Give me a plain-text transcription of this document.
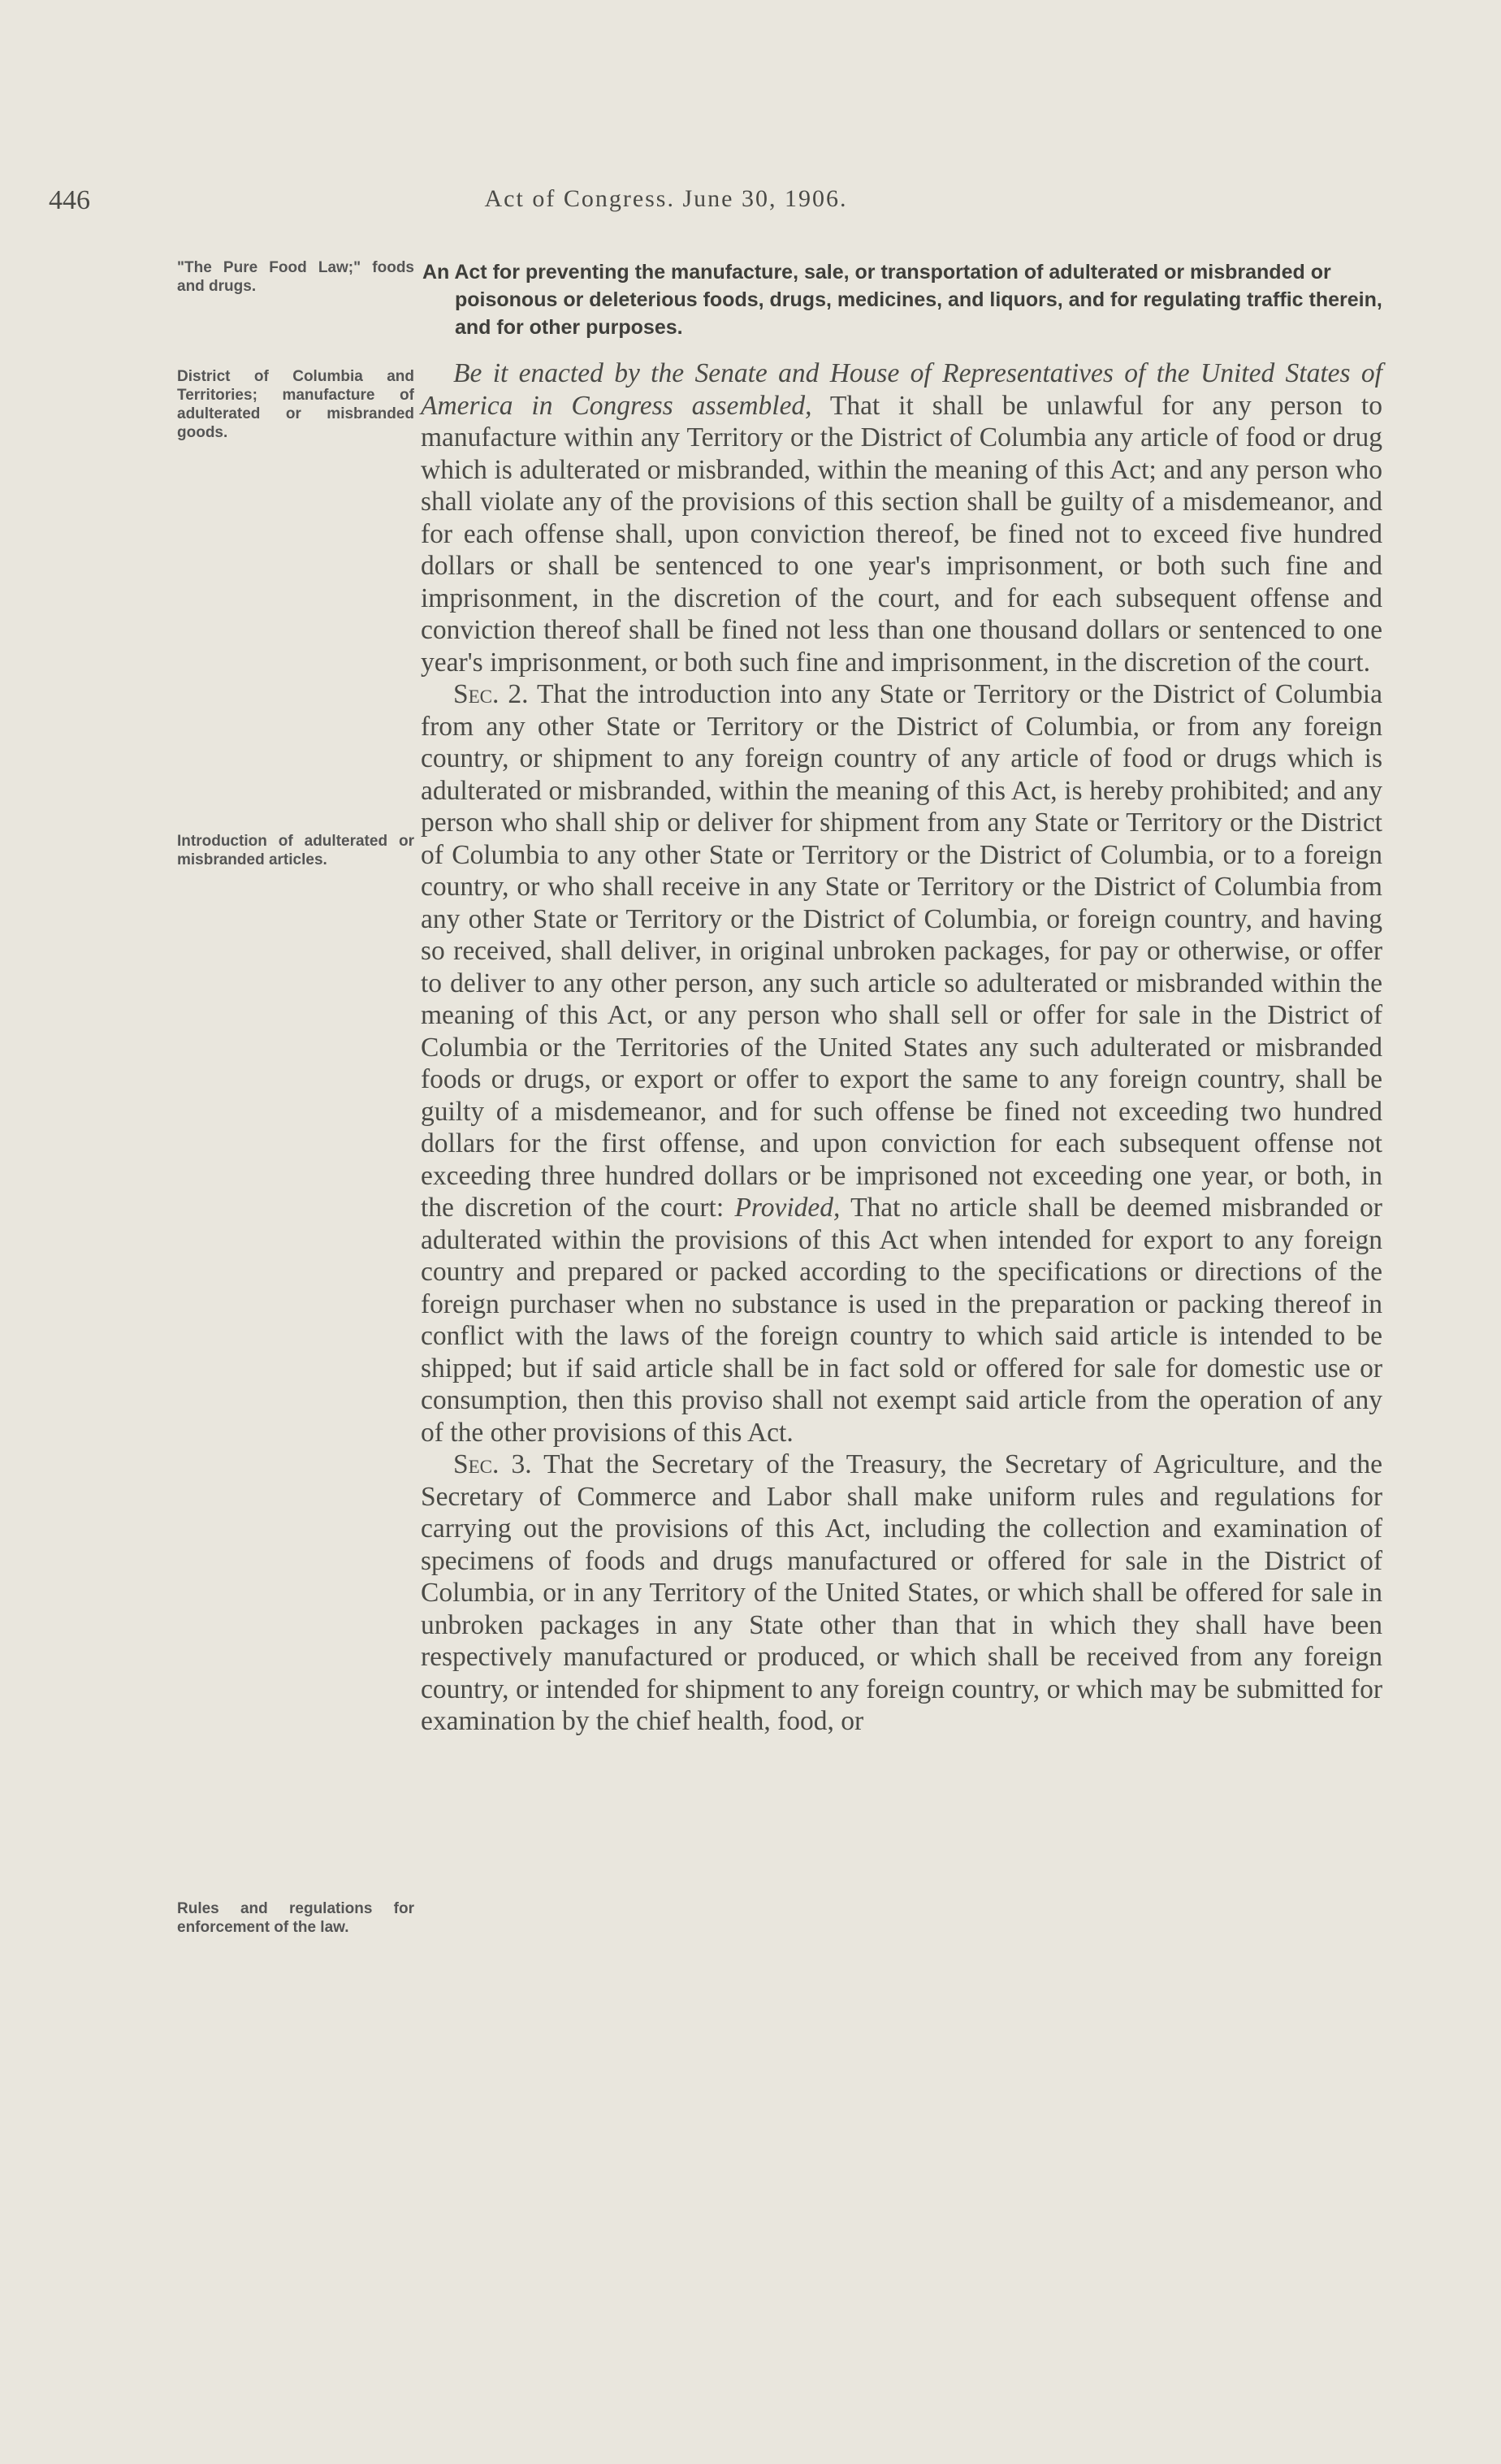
446	Act of Congress. June 30, 1906.
"The Pure Food Law;" foods and drugs.
District of Columbia and Territories; manufacture of adulterated or misbranded goods.
Introduction of adulterated or misbranded articles.
Rules and regulations for enforcement of the law.
An Act for preventing the manufacture, sale, or transportation of adulterated or misbranded or poisonous or deleterious foods, drugs, medicines, and liquors, and for regulating traffic therein, and for other purposes.

Be it enacted by the Senate and House of Representatives of the United States of America in Congress assembled, That it shall be unlawful for any person to manufacture within any Territory or the District of Columbia any article of food or drug which is adulterated or misbranded, within the meaning of this Act; and any person who shall violate any of the provisions of this section shall be guilty of a misdemeanor, and for each offense shall, upon conviction thereof, be fined not to exceed five hundred dollars or shall be sentenced to one year's imprisonment, or both such fine and imprisonment, in the discretion of the court, and for each subsequent offense and conviction thereof shall be fined not less than one thousand dollars or sentenced to one year's imprisonment, or both such fine and imprisonment, in the discretion of the court.

Sec. 2. That the introduction into any State or Territory or the District of Columbia from any other State or Territory or the District of Columbia, or from any foreign country, or shipment to any foreign country of any article of food or drugs which is adulterated or misbranded, within the meaning of this Act, is hereby prohibited; and any person who shall ship or deliver for shipment from any State or Territory or the District of Columbia to any other State or Territory or the District of Columbia, or to a foreign country, or who shall receive in any State or Territory or the District of Columbia from any other State or Territory or the District of Columbia, or foreign country, and having so received, shall deliver, in original unbroken packages, for pay or otherwise, or offer to deliver to any other person, any such article so adulterated or misbranded within the meaning of this Act, or any person who shall sell or offer for sale in the District of Columbia or the Territories of the United States any such adulterated or misbranded foods or drugs, or export or offer to export the same to any foreign country, shall be guilty of a misdemeanor, and for such offense be fined not exceeding two hundred dollars for the first offense, and upon conviction for each subsequent offense not exceeding three hundred dollars or be imprisoned not exceeding one year, or both, in the discretion of the court: Provided, That no article shall be deemed misbranded or adulterated within the provisions of this Act when intended for export to any foreign country and prepared or packed according to the specifications or directions of the foreign purchaser when no substance is used in the preparation or packing thereof in conflict with the laws of the foreign country to which said article is intended to be shipped; but if said article shall be in fact sold or offered for sale for domestic use or consumption, then this proviso shall not exempt said article from the operation of any of the other provisions of this Act.

Sec. 3. That the Secretary of the Treasury, the Secretary of Agriculture, and the Secretary of Commerce and Labor shall make uniform rules and regulations for carrying out the provisions of this Act, including the collection and examination of specimens of foods and drugs manufactured or offered for sale in the District of Columbia, or in any Territory of the United States, or which shall be offered for sale in unbroken packages in any State other than that in which they shall have been respectively manufactured or produced, or which shall be received from any foreign country, or intended for shipment to any foreign country, or which may be submitted for examination by the chief health, food, or
